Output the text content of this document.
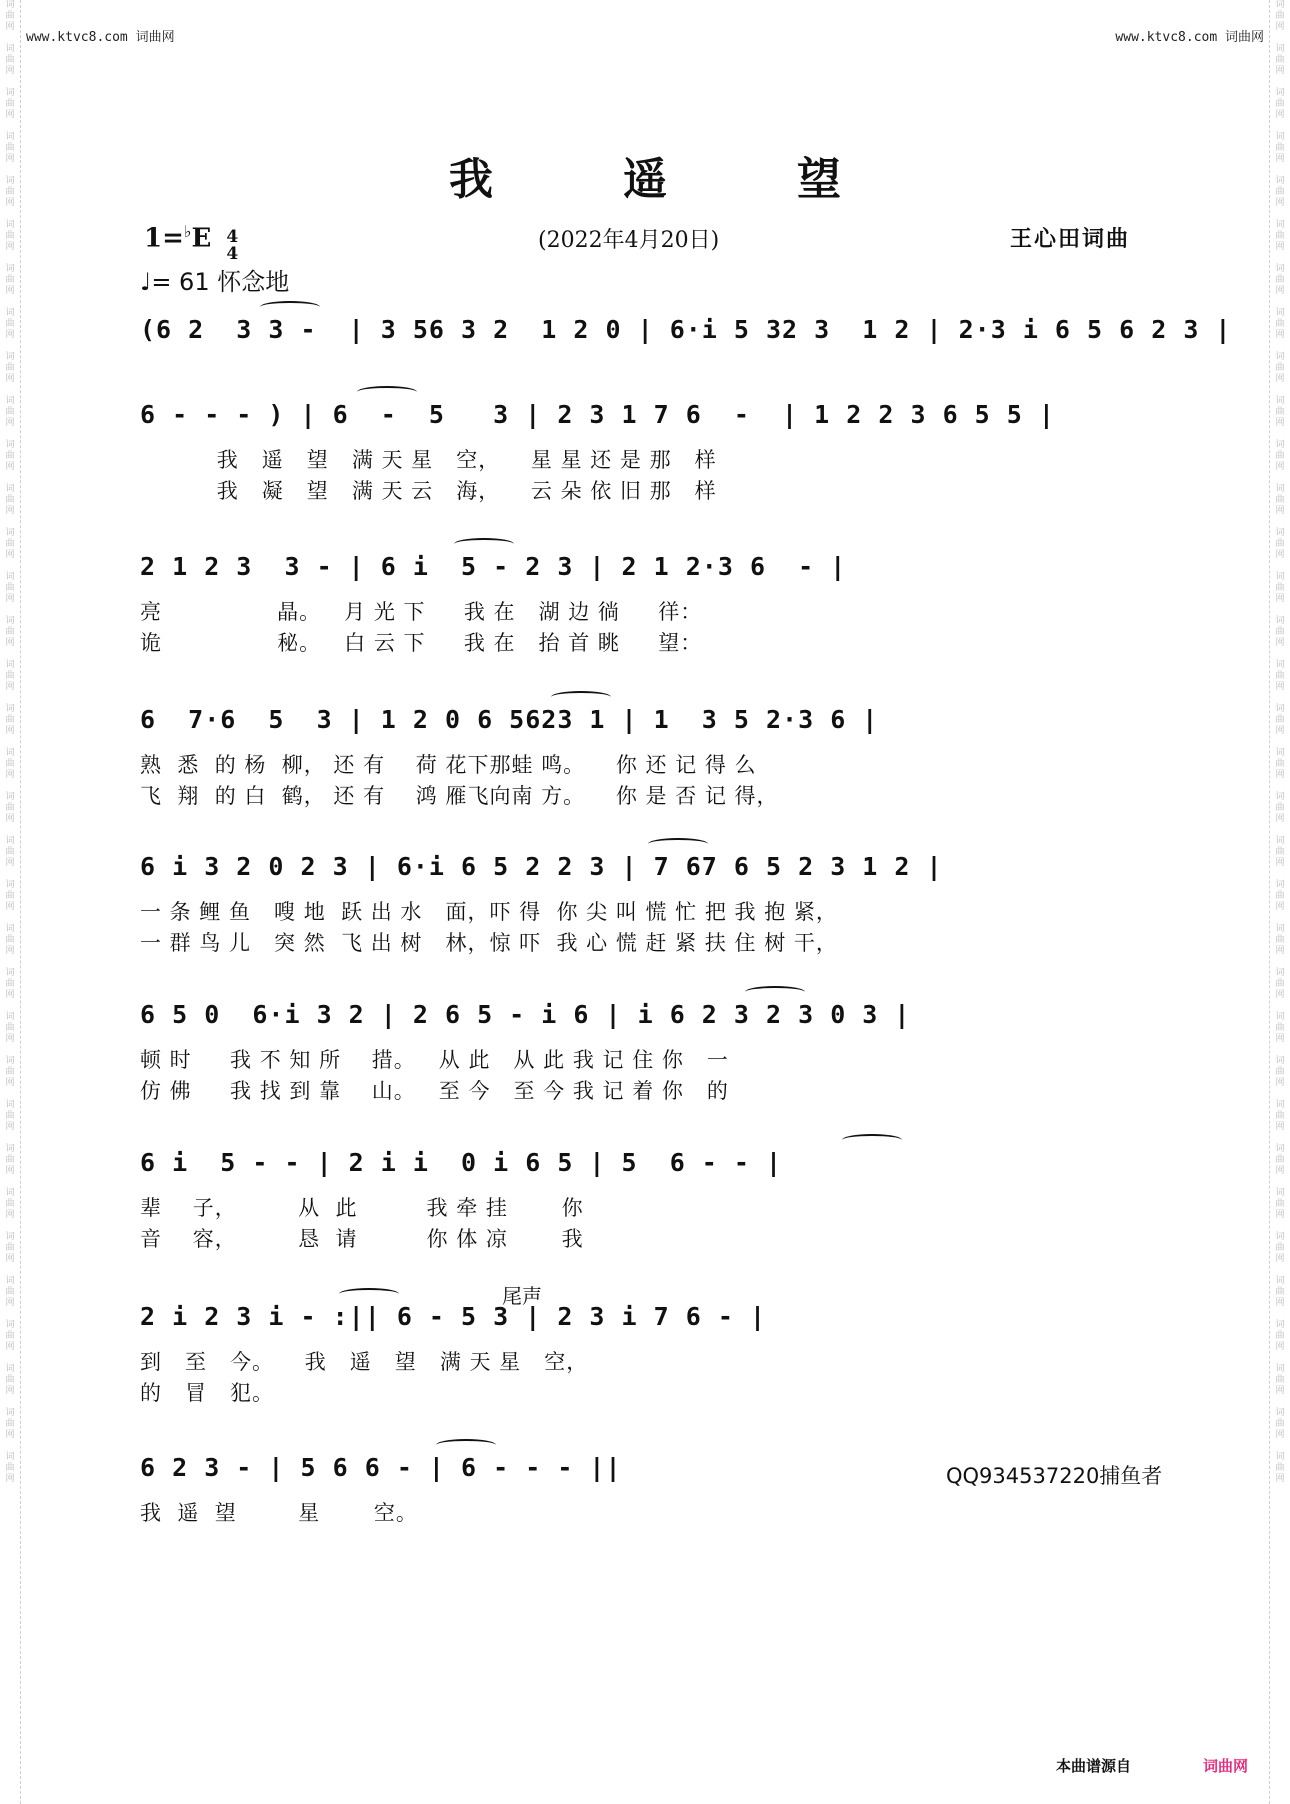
词
曲
网

词
曲
网

词
曲
网

词
曲
网

词
曲
网

词
曲
网

词
曲
网

词
曲
网

词
曲
网

词
曲
网

词
曲
网

词
曲
网

词
曲
网

词
曲
网

词
曲
网

词
曲
网

词
曲
网

词
曲
网

词
曲
网

词
曲
网

词
曲
网

词
曲
网

词
曲
网

词
曲
网

词
曲
网

词
曲
网

词
曲
网

词
曲
网

词
曲
网

词
曲
网

词
曲
网

词
曲
网

词
曲
网

词
曲
网

词
曲
网

词
曲
网

词
曲
网

词
曲
网

词
曲
网

词
曲
网

词
曲
网

词
曲
网

词
曲
网

词
曲
网

词
曲
网

词
曲
网

词
曲
网

词
曲
网

词
曲
网

词
曲
网

词
曲
网

词
曲
网

词
曲
网

词
曲
网

词
曲
网

词
曲
网

词
曲
网

词
曲
网

词
曲
网

词
曲
网

词
曲
网

词
曲
网

词
曲
网

词
曲
网

词
曲
网

词
曲
网

词
曲
网

词
曲
网

www.ktvc8.com 词曲网	www.ktvc8.com 词曲网
我遥望
1=♭E 4
4
♩= 61 怀念地
(2022年4月20日)	王心田词曲
(6 2  3 3 -  | 3 56 3 2  1 2 0 | 6·i 5 32 3  1 2 | 2·3 i 6 5 6 2 3 |
6 - - - ) | 6  -  5   3 | 2 3 1 7 6  -  | 1 2 2 3 6 5 5 |
我   遥   望   满 天 星   空，    星 星 还 是 那   样
我   凝   望   满 天 云   海，    云 朵 依 旧 那   样
2 1 2 3  3 - | 6 i  5 - 2 3 | 2 1 2·3 6  - |
亮               晶。   月 光 下     我 在   湖 边 徜     徉：
诡               秘。   白 云 下     我 在   抬 首 眺     望：
6  7·6  5  3 | 1 2 0 6 5623 1 | 1  3 5 2·3 6 |
熟  悉  的 杨  柳， 还 有    荷 花下那蛙 鸣。    你 还 记 得 么
飞  翔  的 白  鹤， 还 有    鸿 雁飞向南 方。    你 是 否 记 得，
6 i 3 2 0 2 3 | 6·i 6 5 2 2 3 | 7 67 6 5 2 3 1 2 |
一 条 鲤 鱼   嗖 地  跃 出 水   面，吓 得  你 尖 叫 慌 忙 把 我 抱 紧，
一 群 鸟 儿   突 然  飞 出 树   林，惊 吓  我 心 慌 赶 紧 扶 住 树 干，
6 5 0  6·i 3 2 | 2 6 5 - i 6 | i 6 2 3 2 3 0 3 |
顿 时     我 不 知 所    措。   从 此   从 此 我 记 住 你   一
仿 佛     我 找 到 靠    山。   至 今   至 今 我 记 着 你   的
6 i  5 - - | 2 i i  0 i 6 5 | 5  6 - - |
辈    子，        从  此         我 牵 挂       你
音    容，        恳  请         你 体 凉       我
2 i 2 3 i - :|| 6 - 5 3 | 2 3 i 7 6 - |
到   至   今。    我   遥   望   满 天 星   空，
的   冒   犯。
6 2 3 - | 5 6 6 - | 6 - - - ||
我  遥  望        星       空。
尾声
QQ934537220捕鱼者
本曲谱源自	词曲网
